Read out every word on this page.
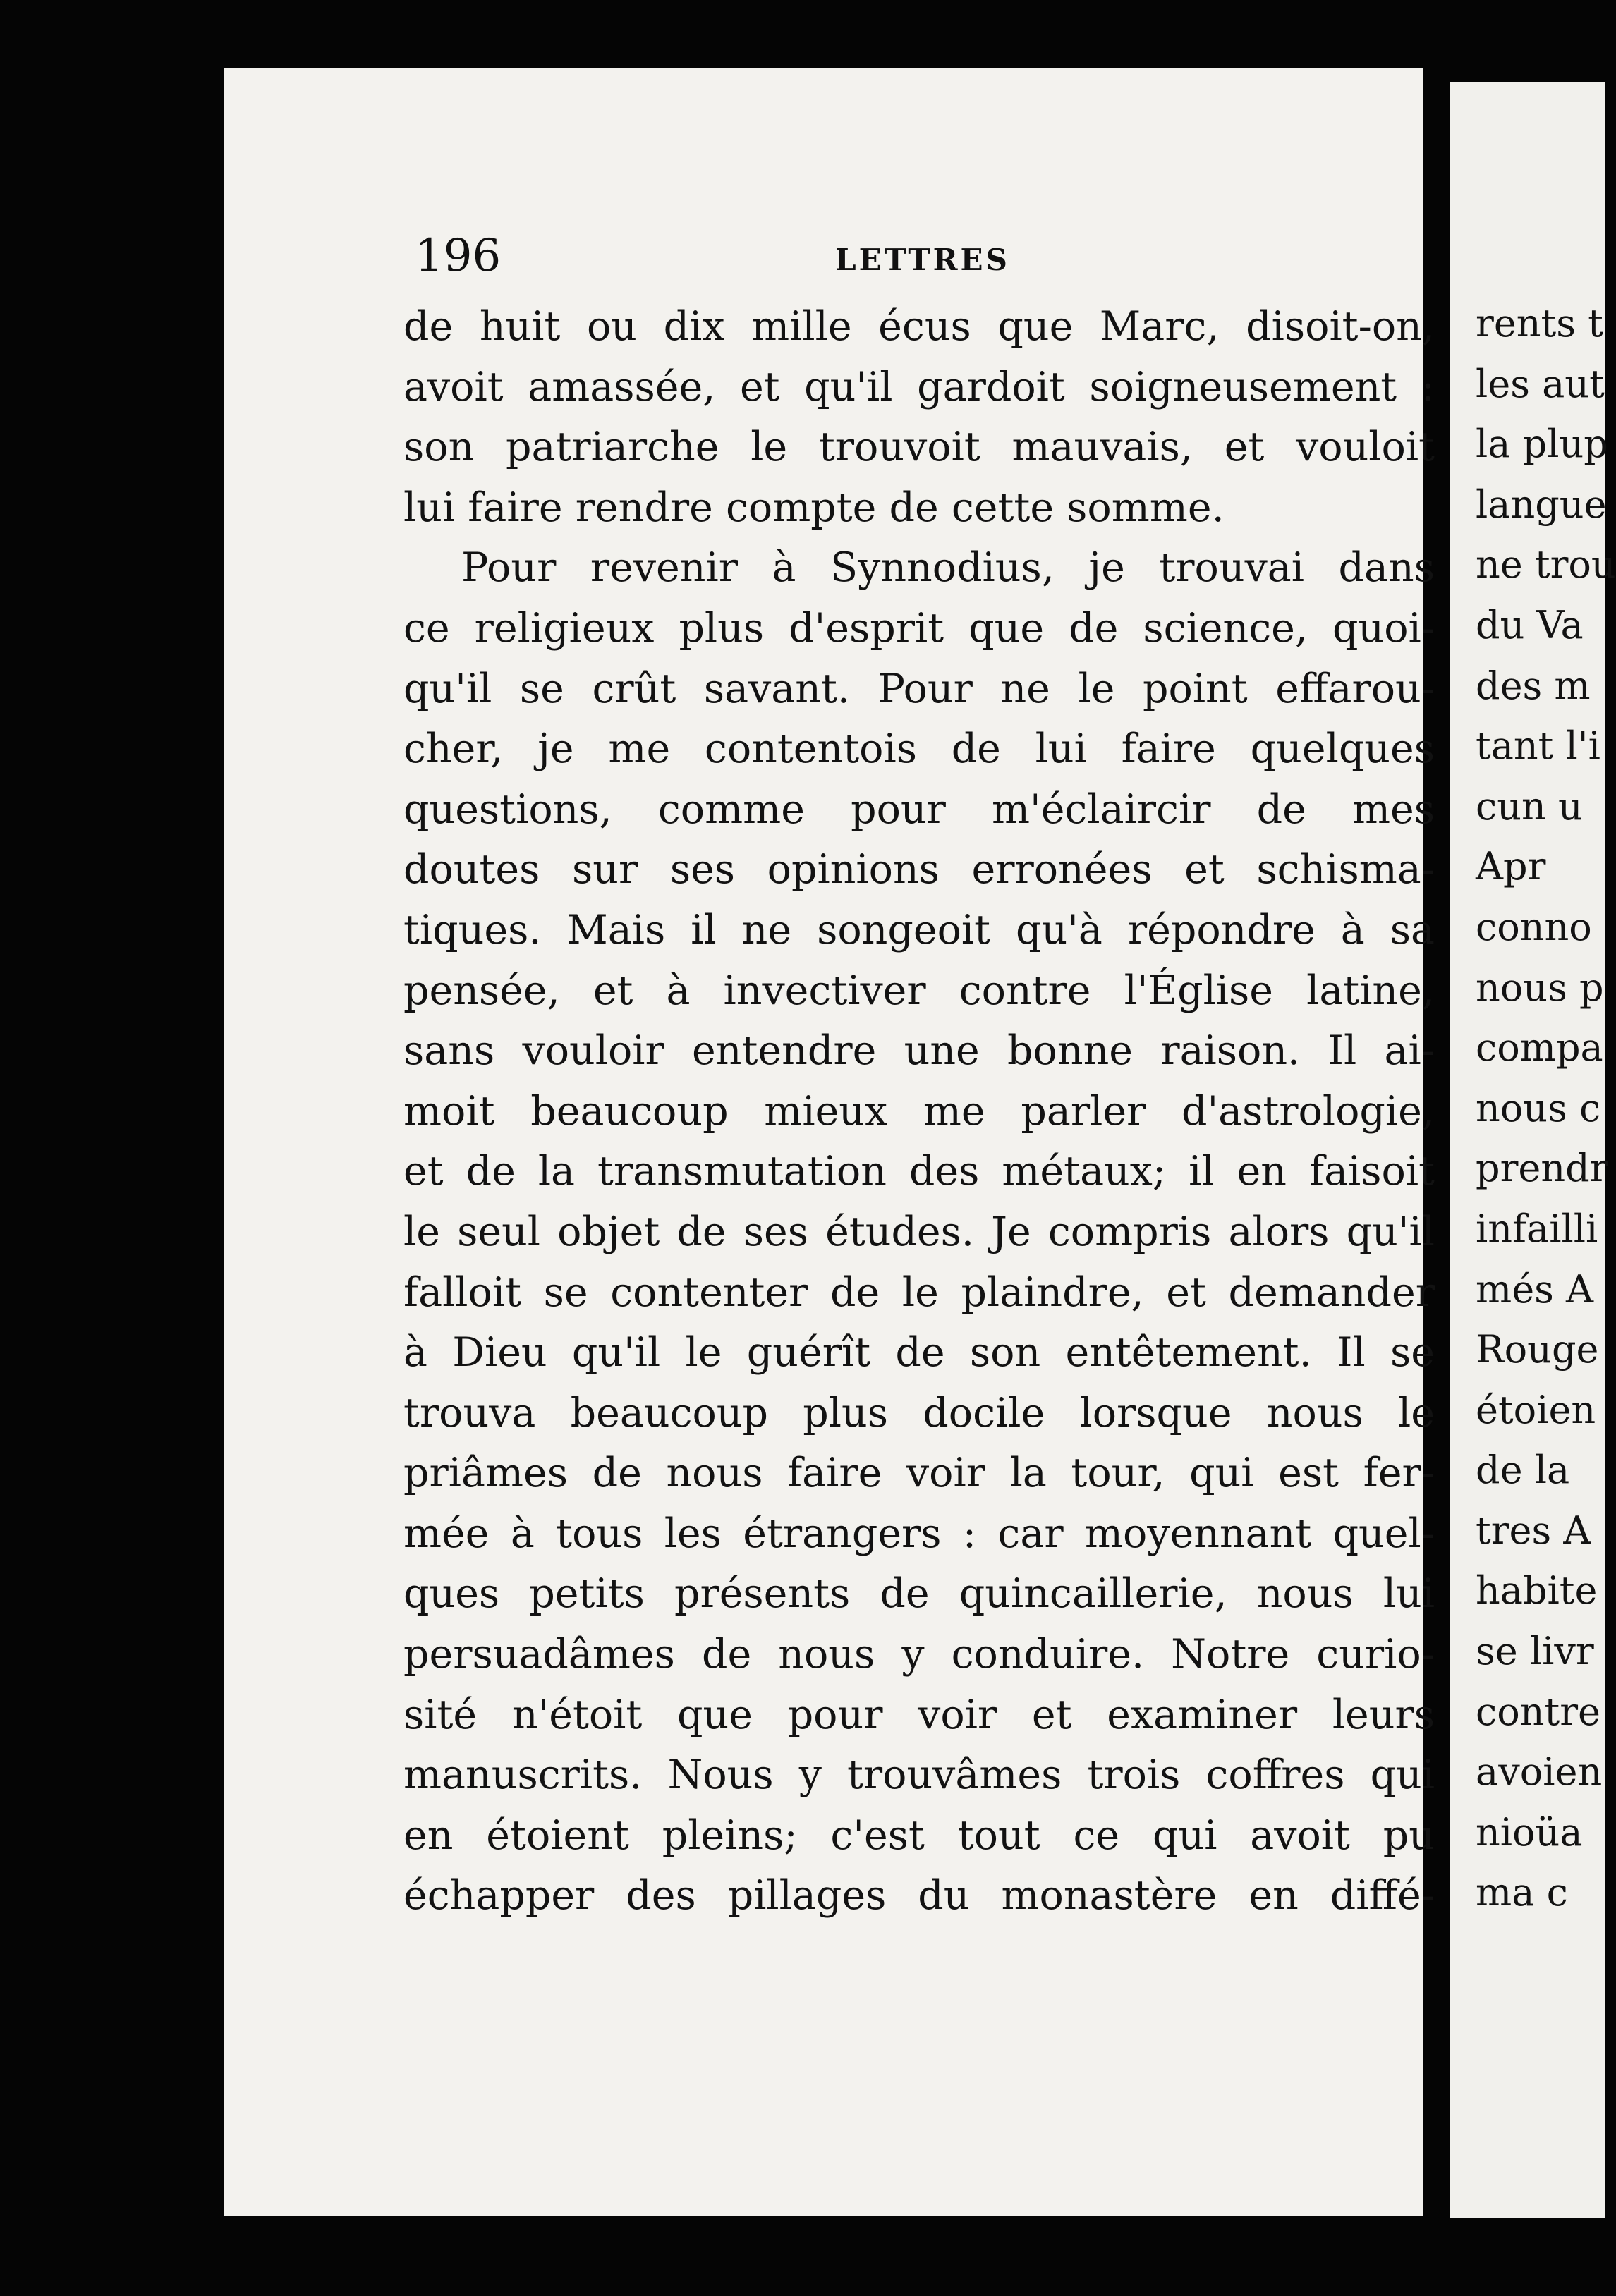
196	LETTRES
de huit ou dix mille écus que Marc, disoit-on,
avoit amassée, et qu'il gardoit soigneusement :
son patriarche le trouvoit mauvais, et vouloit
lui faire rendre compte de cette somme.
Pour revenir à Synnodius, je trouvai dans
ce religieux plus d'esprit que de science, quoi-
qu'il se crût savant. Pour ne le point effarou-
cher, je me contentois de lui faire quelques
questions, comme pour m'éclaircir de mes
doutes sur ses opinions erronées et schisma-
tiques. Mais il ne songeoit qu'à répondre à sa
pensée, et à invectiver contre l'Église latine,
sans vouloir entendre une bonne raison. Il ai-
moit beaucoup mieux me parler d'astrologie,
et de la transmutation des métaux; il en faisoit
le seul objet de ses études. Je compris alors qu'il
falloit se contenter de le plaindre, et demander
à Dieu qu'il le guérît de son entêtement. Il se
trouva beaucoup plus docile lorsque nous le
priâmes de nous faire voir la tour, qui est fer-
mée à tous les étrangers : car moyennant quel-
ques petits présents de quincaillerie, nous lui
persuadâmes de nous y conduire. Notre curio-
sité n'étoit que pour voir et examiner leurs
manuscrits. Nous y trouvâmes trois coffres qui
en étoient pleins; c'est tout ce qui avoit pu
échapper des pillages du monastère en diffé-
rents t
les aut
la plup
langue
ne trou
du Va
des m
tant l'i
cun u
Apr
conno
nous p
compa
nous c
prendr
infailli
més A
Rouge
étoien
de la
tres A
habite
se livr
contre
avoien
nioüa
ma c
